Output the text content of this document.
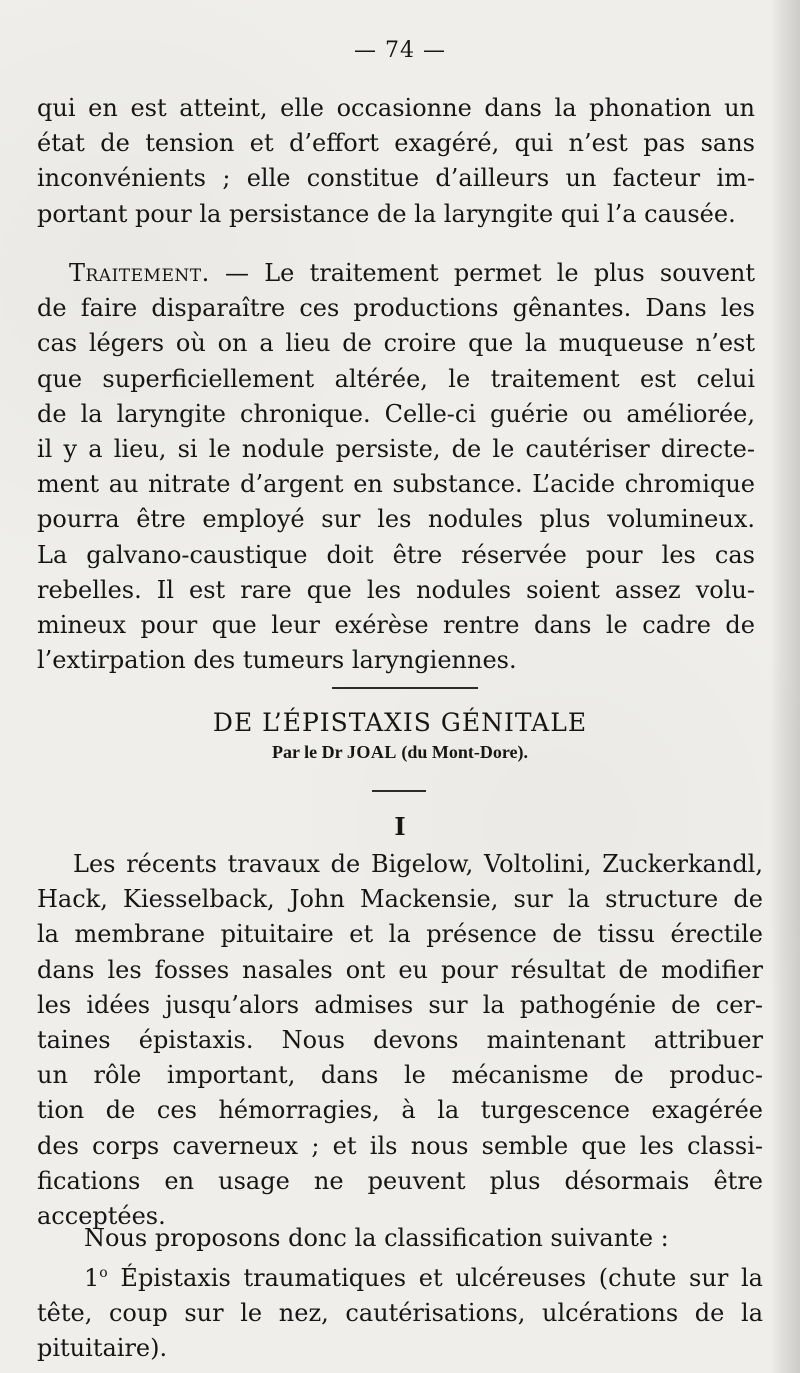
— 74 —
qui en est atteint, elle occasionne dans la phonation un
état de tension et d’effort exagéré, qui n’est pas sans
inconvénients ; elle constitue d’ailleurs un facteur im-
portant pour la persistance de la laryngite qui l’a causée.
Traitement. — Le traitement permet le plus souvent
de faire disparaître ces productions gênantes. Dans les
cas légers où on a lieu de croire que la muqueuse n’est
que superficiellement altérée, le traitement est celui
de la laryngite chronique. Celle-ci guérie ou améliorée,
il y a lieu, si le nodule persiste, de le cautériser directe-
ment au nitrate d’argent en substance. L’acide chromique
pourra être employé sur les nodules plus volumineux.
La galvano-caustique doit être réservée pour les cas
rebelles. Il est rare que les nodules soient assez volu-
mineux pour que leur exérèse rentre dans le cadre de
l’extirpation des tumeurs laryngiennes.
DE L’ÉPISTAXIS GÉNITALE
Par le Dr JOAL (du Mont-Dore).
I
Les récents travaux de Bigelow, Voltolini, Zuckerkandl,
Hack, Kiesselback, John Mackensie, sur la structure de
la membrane pituitaire et la présence de tissu érectile
dans les fosses nasales ont eu pour résultat de modifier
les idées jusqu’alors admises sur la pathogénie de cer-
taines épistaxis. Nous devons maintenant attribuer
un rôle important, dans le mécanisme de produc-
tion de ces hémorragies, à la turgescence exagérée
des corps caverneux ; et ils nous semble que les classi-
fications en usage ne peuvent plus désormais être
acceptées.
Nous proposons donc la classification suivante :
1$^o$ Épistaxis traumatiques et ulcéreuses (chute sur la
tête, coup sur le nez, cautérisations, ulcérations de la
pituitaire).
